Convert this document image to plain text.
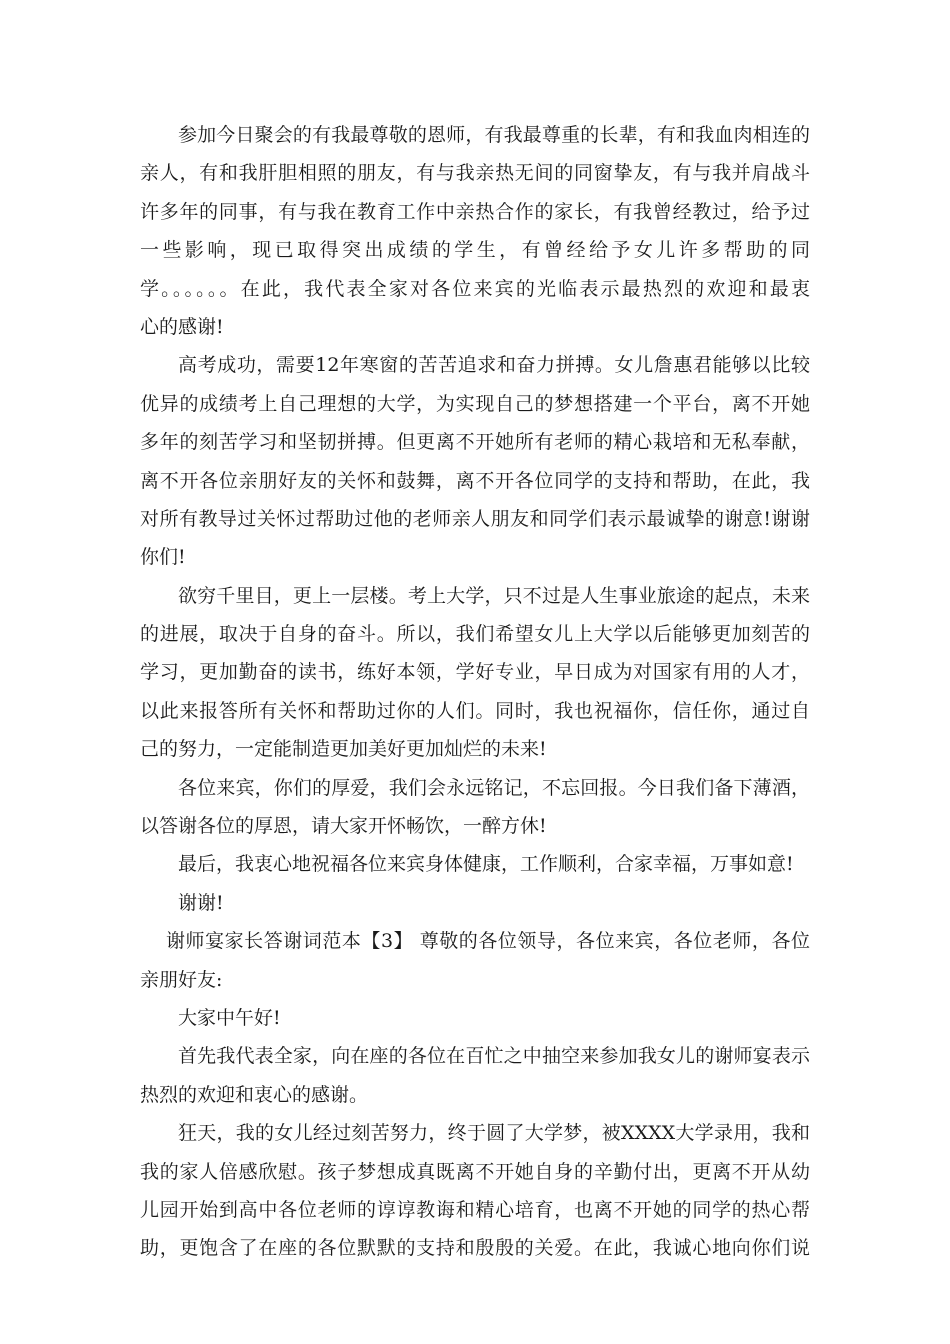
参加今日聚会的有我最尊敬的恩师，有我最尊重的长辈，有和我血肉相连的
亲人，有和我肝胆相照的朋友，有与我亲热无间的同窗挚友，有与我并肩战斗
许多年的同事，有与我在教育工作中亲热合作的家长，有我曾经教过，给予过
一些影响，现已取得突出成绩的学生，有曾经给予女儿许多帮助的同
学。。。。。。在此，我代表全家对各位来宾的光临表示最热烈的欢迎和最衷
心的感谢!
高考成功，需要12年寒窗的苦苦追求和奋力拼搏。女儿詹惠君能够以比较
优异的成绩考上自己理想的大学，为实现自己的梦想搭建一个平台，离不开她
多年的刻苦学习和坚韧拼搏。但更离不开她所有老师的精心栽培和无私奉献，
离不开各位亲朋好友的关怀和鼓舞，离不开各位同学的支持和帮助，在此，我
对所有教导过关怀过帮助过他的老师亲人朋友和同学们表示最诚挚的谢意!谢谢
你们!
欲穷千里目，更上一层楼。考上大学，只不过是人生事业旅途的起点，未来
的进展，取决于自身的奋斗。所以，我们希望女儿上大学以后能够更加刻苦的
学习，更加勤奋的读书，练好本领，学好专业，早日成为对国家有用的人才，
以此来报答所有关怀和帮助过你的人们。同时，我也祝福你，信任你，通过自
己的努力，一定能制造更加美好更加灿烂的未来!
各位来宾，你们的厚爱，我们会永远铭记，不忘回报。今日我们备下薄酒，
以答谢各位的厚恩，请大家开怀畅饮，一醉方休!
最后，我衷心地祝福各位来宾身体健康，工作顺利，合家幸福，万事如意!
谢谢!
谢师宴家长答谢词范本【3】 尊敬的各位领导，各位来宾，各位老师，各位
亲朋好友:
大家中午好!
首先我代表全家，向在座的各位在百忙之中抽空来参加我女儿的谢师宴表示
热烈的欢迎和衷心的感谢。
狂天，我的女儿经过刻苦努力，终于圆了大学梦，被XXXX大学录用，我和
我的家人倍感欣慰。孩子梦想成真既离不开她自身的辛勤付出，更离不开从幼
儿园开始到高中各位老师的谆谆教诲和精心培育，也离不开她的同学的热心帮
助，更饱含了在座的各位默默的支持和殷殷的关爱。在此，我诚心地向你们说
